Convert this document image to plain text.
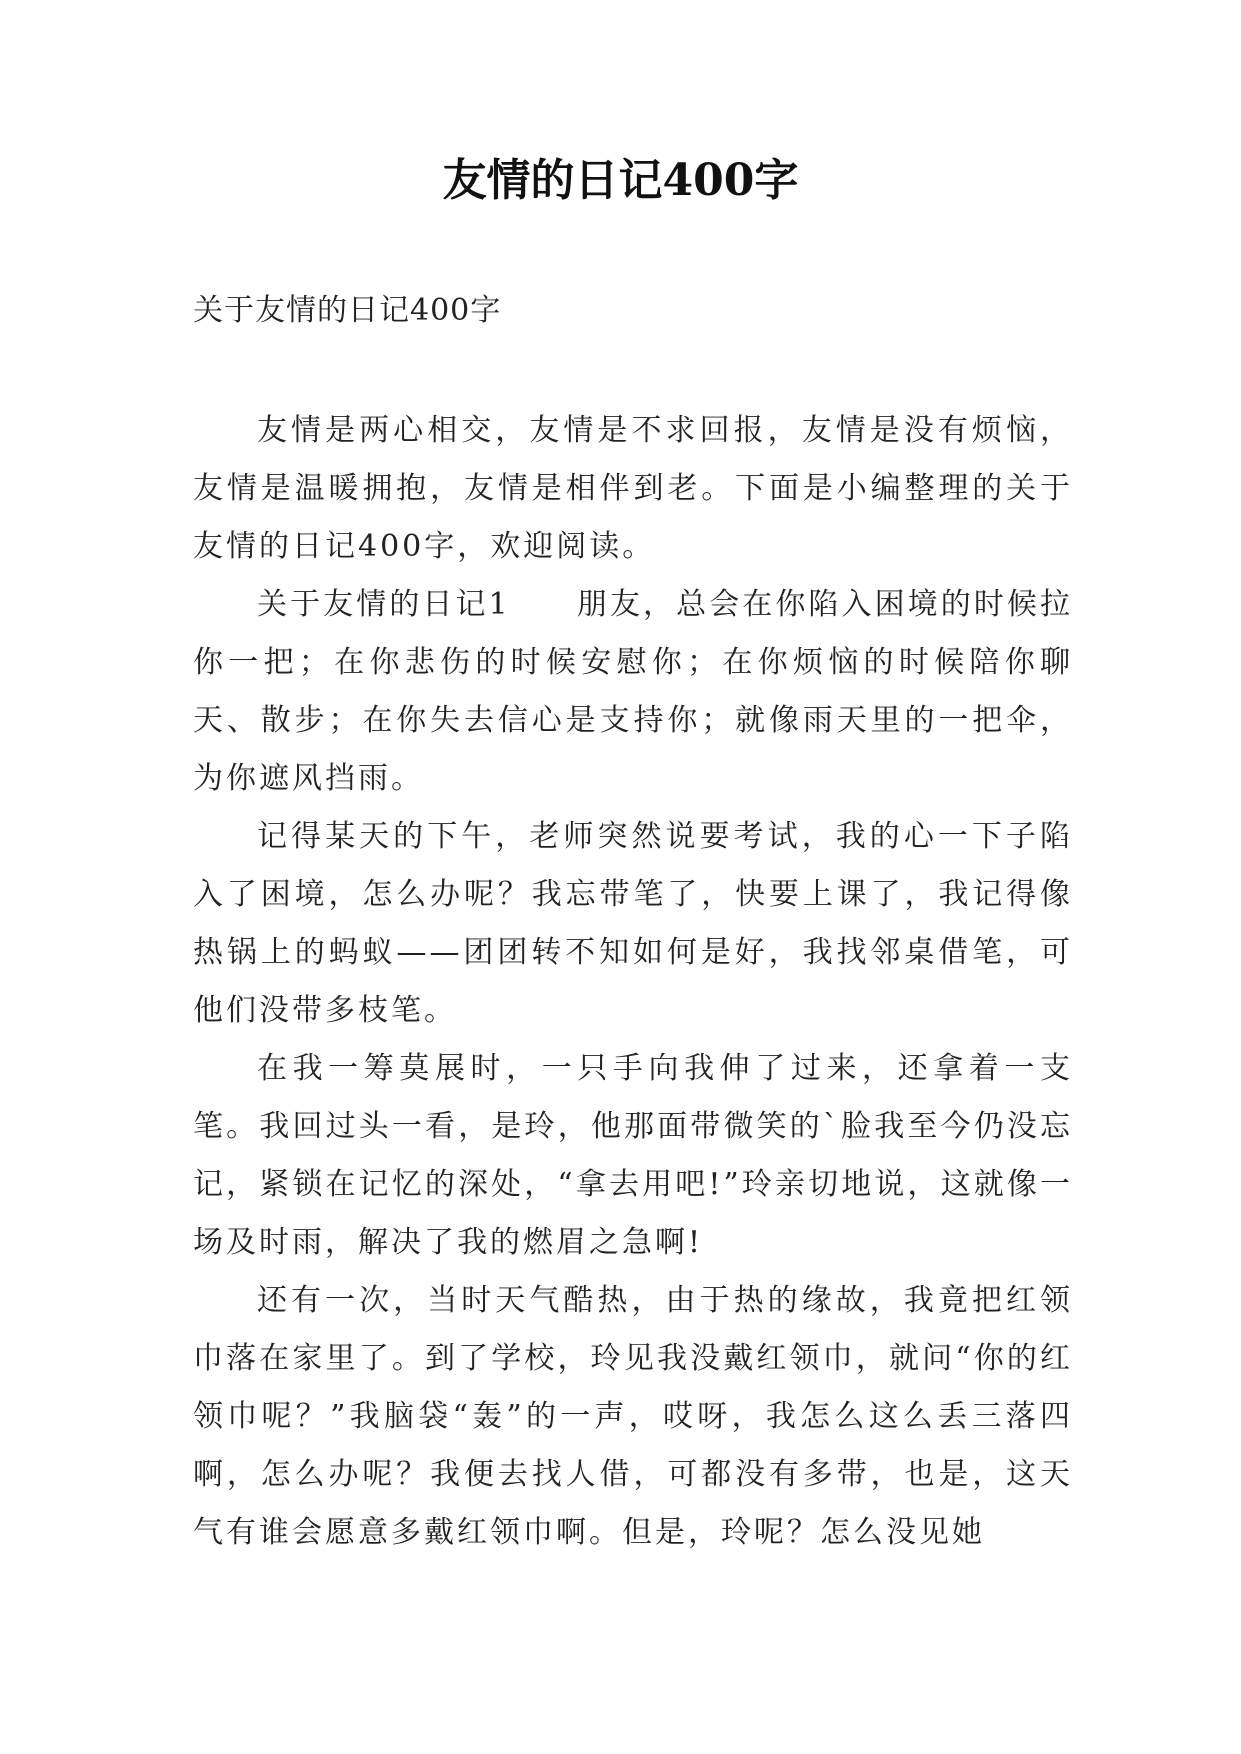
友情的日记400字

关于友情的日记400字

友情是两心相交，友情是不求回报，友情是没有烦恼，友情是温暖拥抱，友情是相伴到老。下面是小编整理的关于友情的日记400字，欢迎阅读。

关于友情的日记1　　朋友，总会在你陷入困境的时候拉你一把；在你悲伤的时候安慰你；在你烦恼的时候陪你聊天、散步；在你失去信心是支持你；就像雨天里的一把伞，为你遮风挡雨。

记得某天的下午，老师突然说要考试，我的心一下子陷入了困境，怎么办呢？我忘带笔了，快要上课了，我记得像热锅上的蚂蚁——团团转不知如何是好，我找邻桌借笔，可他们没带多枝笔。

在我一筹莫展时，一只手向我伸了过来，还拿着一支笔。我回过头一看，是玲，他那面带微笑的`脸我至今仍没忘记，紧锁在记忆的深处，“拿去用吧!”玲亲切地说，这就像一场及时雨，解决了我的燃眉之急啊!

还有一次，当时天气酷热，由于热的缘故，我竟把红领巾落在家里了。到了学校，玲见我没戴红领巾，就问“你的红领巾呢？”我脑袋“轰”的一声，哎呀，我怎么这么丢三落四啊，怎么办呢？我便去找人借，可都没有多带，也是，这天气有谁会愿意多戴红领巾啊。但是，玲呢？怎么没见她
